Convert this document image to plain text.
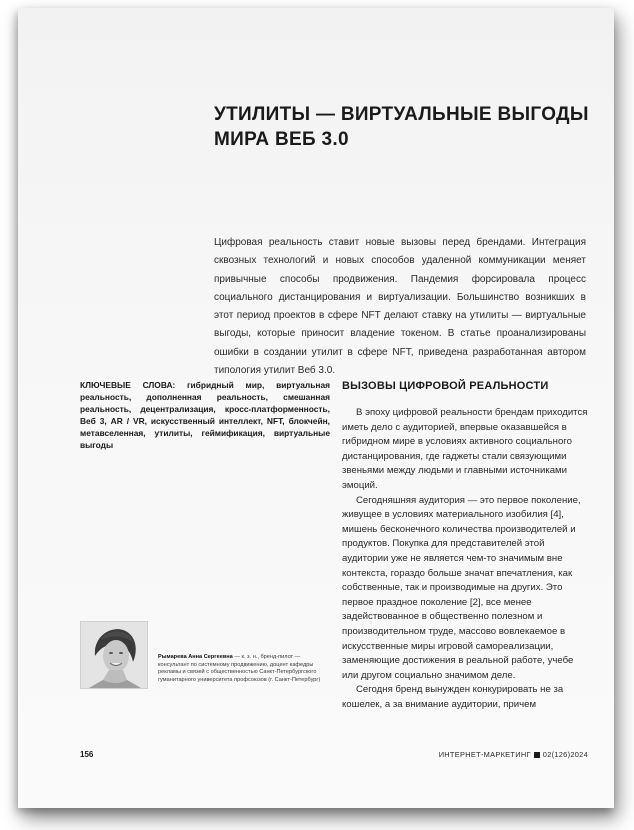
УТИЛИТЫ — ВИРТУАЛЬНЫЕ ВЫГОДЫ МИРА ВЕБ 3.0
Цифровая реальность ставит новые вызовы перед брендами. Интеграция сквозных технологий и новых способов удаленной коммуникации меняет привычные способы продвижения. Пандемия форсировала процесс социального дистанцирования и виртуализации. Большинство возникших в этот период проектов в сфере NFT делают ставку на утилиты — виртуальные выгоды, которые приносит владение токеном. В статье проанализированы ошибки в создании утилит в сфере NFT, приведена разработанная автором типология утилит Веб 3.0.
КЛЮЧЕВЫЕ СЛОВА: гибридный мир, виртуальная реальность, дополненная реальность, смешанная реальность, децентрализация, кросс-платформенность, Веб 3, AR / VR, искусственный интеллект, NFT, блокчейн, метавселенная, утилиты, геймификация, виртуальные выгоды
ВЫЗОВЫ ЦИФРОВОЙ РЕАЛЬНОСТИ

В эпоху цифровой реальности брендам приходится иметь дело с аудиторией, впервые оказавшейся в гибридном мире в условиях активного социального дистанцирования, где гаджеты стали связующими звеньями между людьми и главными источниками эмоций.

Сегодняшняя аудитория — это первое поколение, живущее в условиях материального изобилия [4], мишень бесконечного количества производителей и продуктов. Покупка для представителей этой аудитории уже не является чем-то значимым вне контекста, гораздо больше значат впечатления, как собственные, так и производимые на других. Это первое праздное поколение [2], все менее задействованное в общественно полезном и производительном труде, массово вовлекаемое в искусственные миры игровой самореализации, заменяющие достижения в реальной работе, учебе или другом социально значимом деле.

Сегодня бренд вынужден конкурировать не за кошелек, а за внимание аудитории, причем

Рымарева Анна Сергеевна — к. з. н., бренд-пилот — консультант по системному продвижению, доцент кафедры рекламы и связей с общественностью Санкт-Петербургского гуманитарного университета профсоюзов (г. Санкт-Петербург)
156	ИНТЕРНЕТ-МАРКЕТИНГ 02(126)2024
